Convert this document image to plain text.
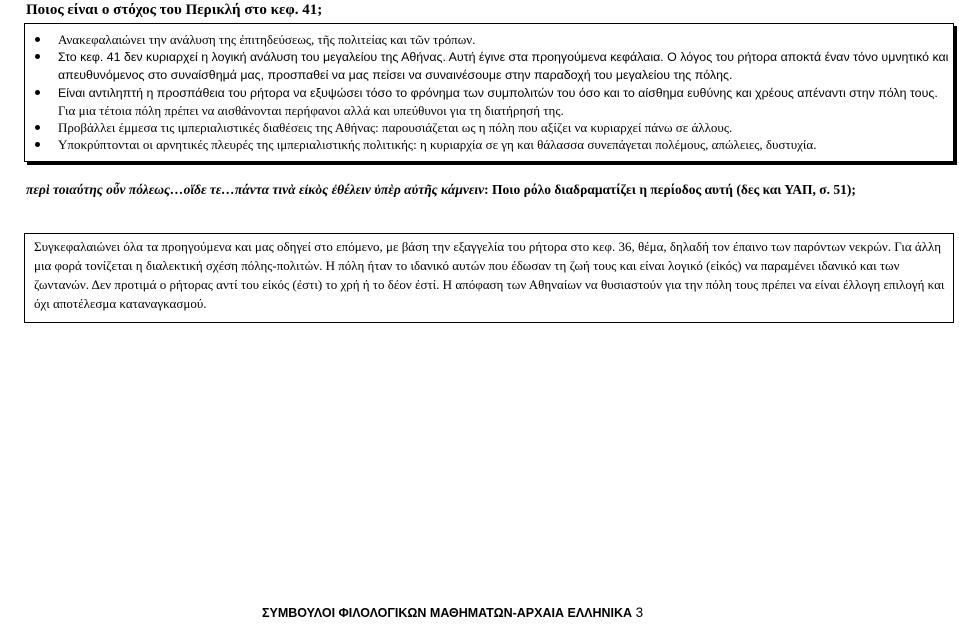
Ποιος είναι ο στόχος του Περικλή στο κεφ. 41;
Ανακεφαλαιώνει την ανάλυση της ἐπιτηδεύσεως, τῆς πολιτείας και τῶν τρόπων.
Στο κεφ. 41 δεν κυριαρχεί η λογική ανάλυση του μεγαλείου της Αθήνας. Αυτή έγινε στα προηγούμενα κεφάλαια. Ο λόγος του ρήτορα αποκτά έναν τόνο υμνητικό και απευθυνόμενος στο συναίσθημά μας, προσπαθεί να μας πείσει να συναινέσουμε στην παραδοχή του μεγαλείου της πόλης.
Είναι αντιληπτή η προσπάθεια του ρήτορα να εξυψώσει τόσο το φρόνημα των συμπολιτών του όσο και το αίσθημα ευθύνης και χρέους απέναντι στην πόλη τους. Για μια τέτοια πόλη πρέπει να αισθάνονται περήφανοι αλλά και υπεύθυνοι για τη διατήρησή της.
Προβάλλει έμμεσα τις ιμπεριαλιστικές διαθέσεις της Αθήνας: παρουσιάζεται ως η πόλη που αξίζει να κυριαρχεί πάνω σε άλλους.
Υποκρύπτονται οι αρνητικές πλευρές της ιμπεριαλιστικής πολιτικής: η κυριαρχία σε γη και θάλασσα συνεπάγεται πολέμους, απώλειες, δυστυχία.
περὶ τοιαύτης οὖν πόλεως…οἵδε τε…πάντα τινὰ εἰκὸς ἐθέλειν ὑπὲρ αὐτῆς κάμνειν: Ποιο ρόλο διαδραματίζει η περίοδος αυτή (δες και ΥΑΠ, σ. 51);
Συγκεφαλαιώνει όλα τα προηγούμενα και μας οδηγεί στο επόμενο, με βάση την εξαγγελία του ρήτορα στο κεφ. 36, θέμα, δηλαδή τον έπαινο των παρόντων νεκρών. Για άλλη μια φορά τονίζεται η διαλεκτική σχέση πόλης-πολιτών. Η πόλη ήταν το ιδανικό αυτών που έδωσαν τη ζωή τους και είναι λογικό (εἰκός) να παραμένει ιδανικό και των ζωντανών. Δεν προτιμά ο ρήτορας αντί του εἰκός (ἐστι) το χρή ή το δέον ἐστί. Η απόφαση των Αθηναίων να θυσιαστούν για την πόλη τους πρέπει να είναι έλλογη επιλογή και όχι αποτέλεσμα καταναγκασμού.
ΣΥΜΒΟΥΛΟΙ ΦΙΛΟΛΟΓΙΚΩΝ ΜΑΘΗΜΑΤΩΝ-ΑΡΧΑΙΑ ΕΛΛΗΝΙΚΑ 3
